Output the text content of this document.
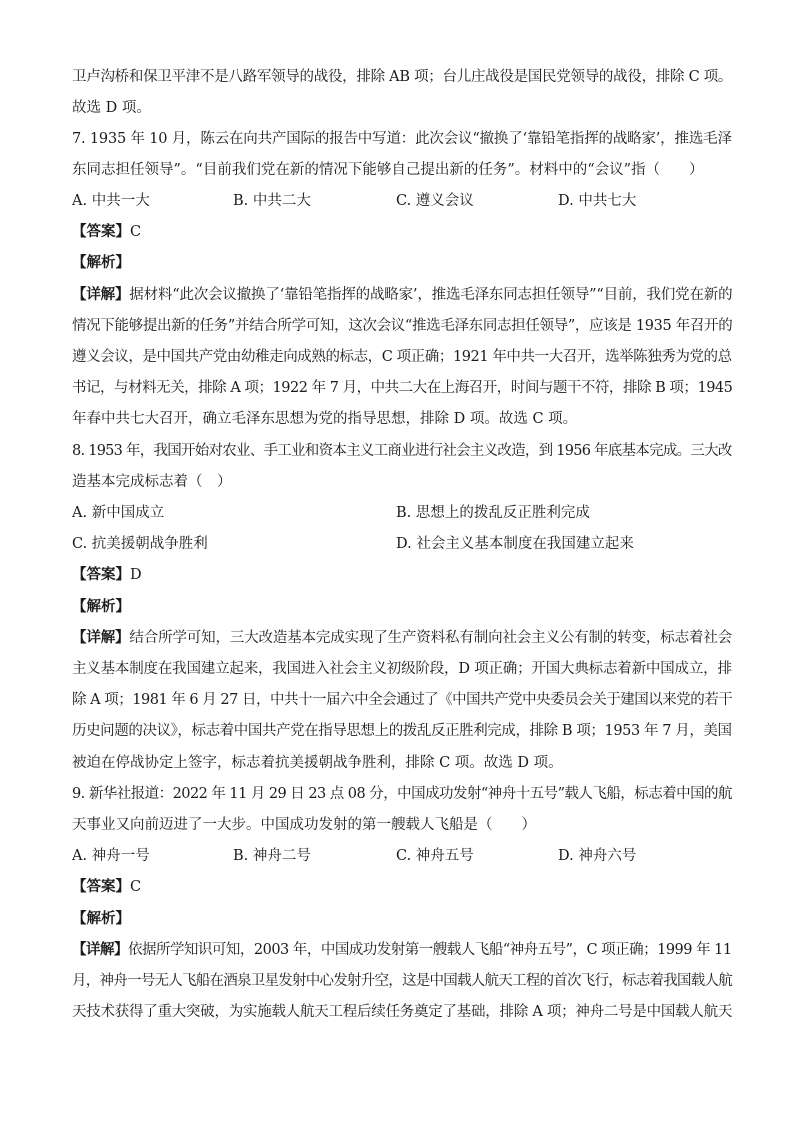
卫卢沟桥和保卫平津不是八路军领导的战役，排除 AB 项；台儿庄战役是国民党领导的战役，排除 C 项。
故选 D 项。
7. 1935 年 10 月，陈云在向共产国际的报告中写道：此次会议“撤换了‘靠铅笔指挥的战略家’，推选毛泽
东同志担任领导”。“目前我们党在新的情况下能够自己提出新的任务”。材料中的“会议”指（　　）
A. 中共一大	B. 中共二大	C. 遵义会议	D. 中共七大
【答案】C
【解析】
【详解】据材料“此次会议撤换了‘靠铅笔指挥的战略家’，推选毛泽东同志担任领导”“目前，我们党在新的
情况下能够提出新的任务”并结合所学可知，这次会议“推选毛泽东同志担任领导”，应该是 1935 年召开的
遵义会议，是中国共产党由幼稚走向成熟的标志，C 项正确；1921 年中共一大召开，选举陈独秀为党的总
书记，与材料无关，排除 A 项；1922 年 7 月，中共二大在上海召开，时间与题干不符，排除 B 项；1945
年春中共七大召开，确立毛泽东思想为党的指导思想，排除 D 项。故选 C 项。
8. 1953 年，我国开始对农业、手工业和资本主义工商业进行社会主义改造，到 1956 年底基本完成。三大改
造基本完成标志着（　）
A. 新中国成立	B. 思想上的拨乱反正胜利完成
C. 抗美援朝战争胜利	D. 社会主义基本制度在我国建立起来
【答案】D
【解析】
【详解】结合所学可知，三大改造基本完成实现了生产资料私有制向社会主义公有制的转变，标志着社会
主义基本制度在我国建立起来，我国进入社会主义初级阶段，D 项正确；开国大典标志着新中国成立，排
除 A 项；1981 年 6 月 27 日，中共十一届六中全会通过了《中国共产党中央委员会关于建国以来党的若干
历史问题的决议》，标志着中国共产党在指导思想上的拨乱反正胜利完成，排除 B 项；1953 年 7 月，美国
被迫在停战协定上签字，标志着抗美援朝战争胜利，排除 C 项。故选 D 项。
9. 新华社报道：2022 年 11 月 29 日 23 点 08 分，中国成功发射“神舟十五号”载人飞船，标志着中国的航
天事业又向前迈进了一大步。中国成功发射的第一艘载人飞船是（　　）
A. 神舟一号	B. 神舟二号	C. 神舟五号	D. 神舟六号
【答案】C
【解析】
【详解】依据所学知识可知，2003 年，中国成功发射第一艘载人飞船“神舟五号”，C 项正确；1999 年 11
月，神舟一号无人飞船在酒泉卫星发射中心发射升空，这是中国载人航天工程的首次飞行，标志着我国载人航
天技术获得了重大突破，为实施载人航天工程后续任务奠定了基础，排除 A 项；神舟二号是中国载人航天
